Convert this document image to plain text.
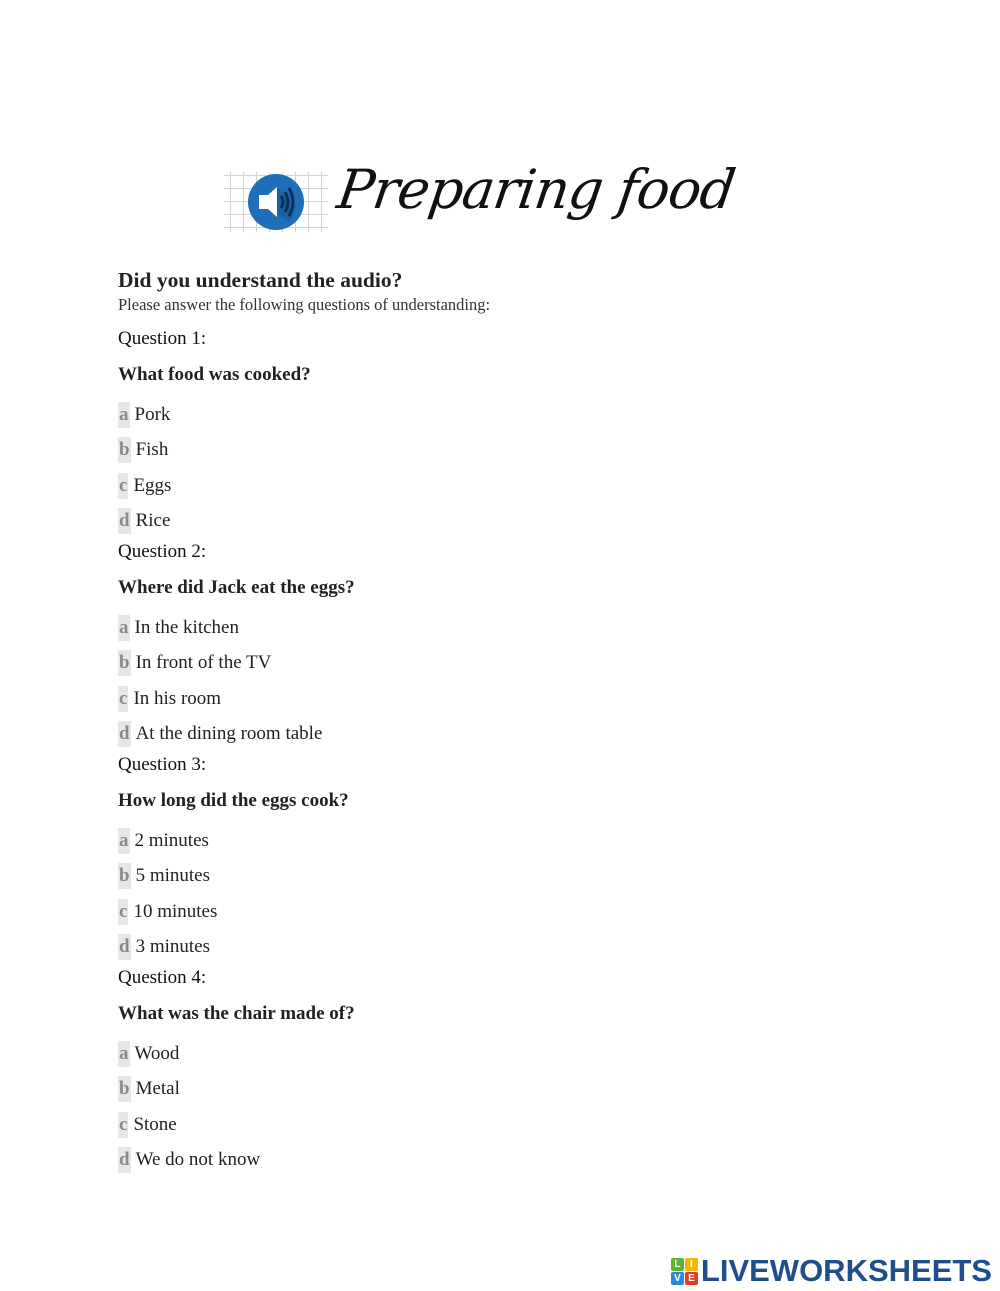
Preparing food

Did you understand the audio?

Please answer the following questions of understanding:

Question 1:

What food was cooked?

a Pork
b Fish
c Eggs
d Rice

Question 2:

Where did Jack eat the eggs?

a In the kitchen
b In front of the TV
c In his room
d At the dining room table

Question 3:

How long did the eggs cook?

a 2 minutes
b 5 minutes
c 10 minutes
d 3 minutes

Question 4:

What was the chair made of?

a Wood
b Metal
c Stone
d We do not know
L I
V E LIVEWORKSHEETS
